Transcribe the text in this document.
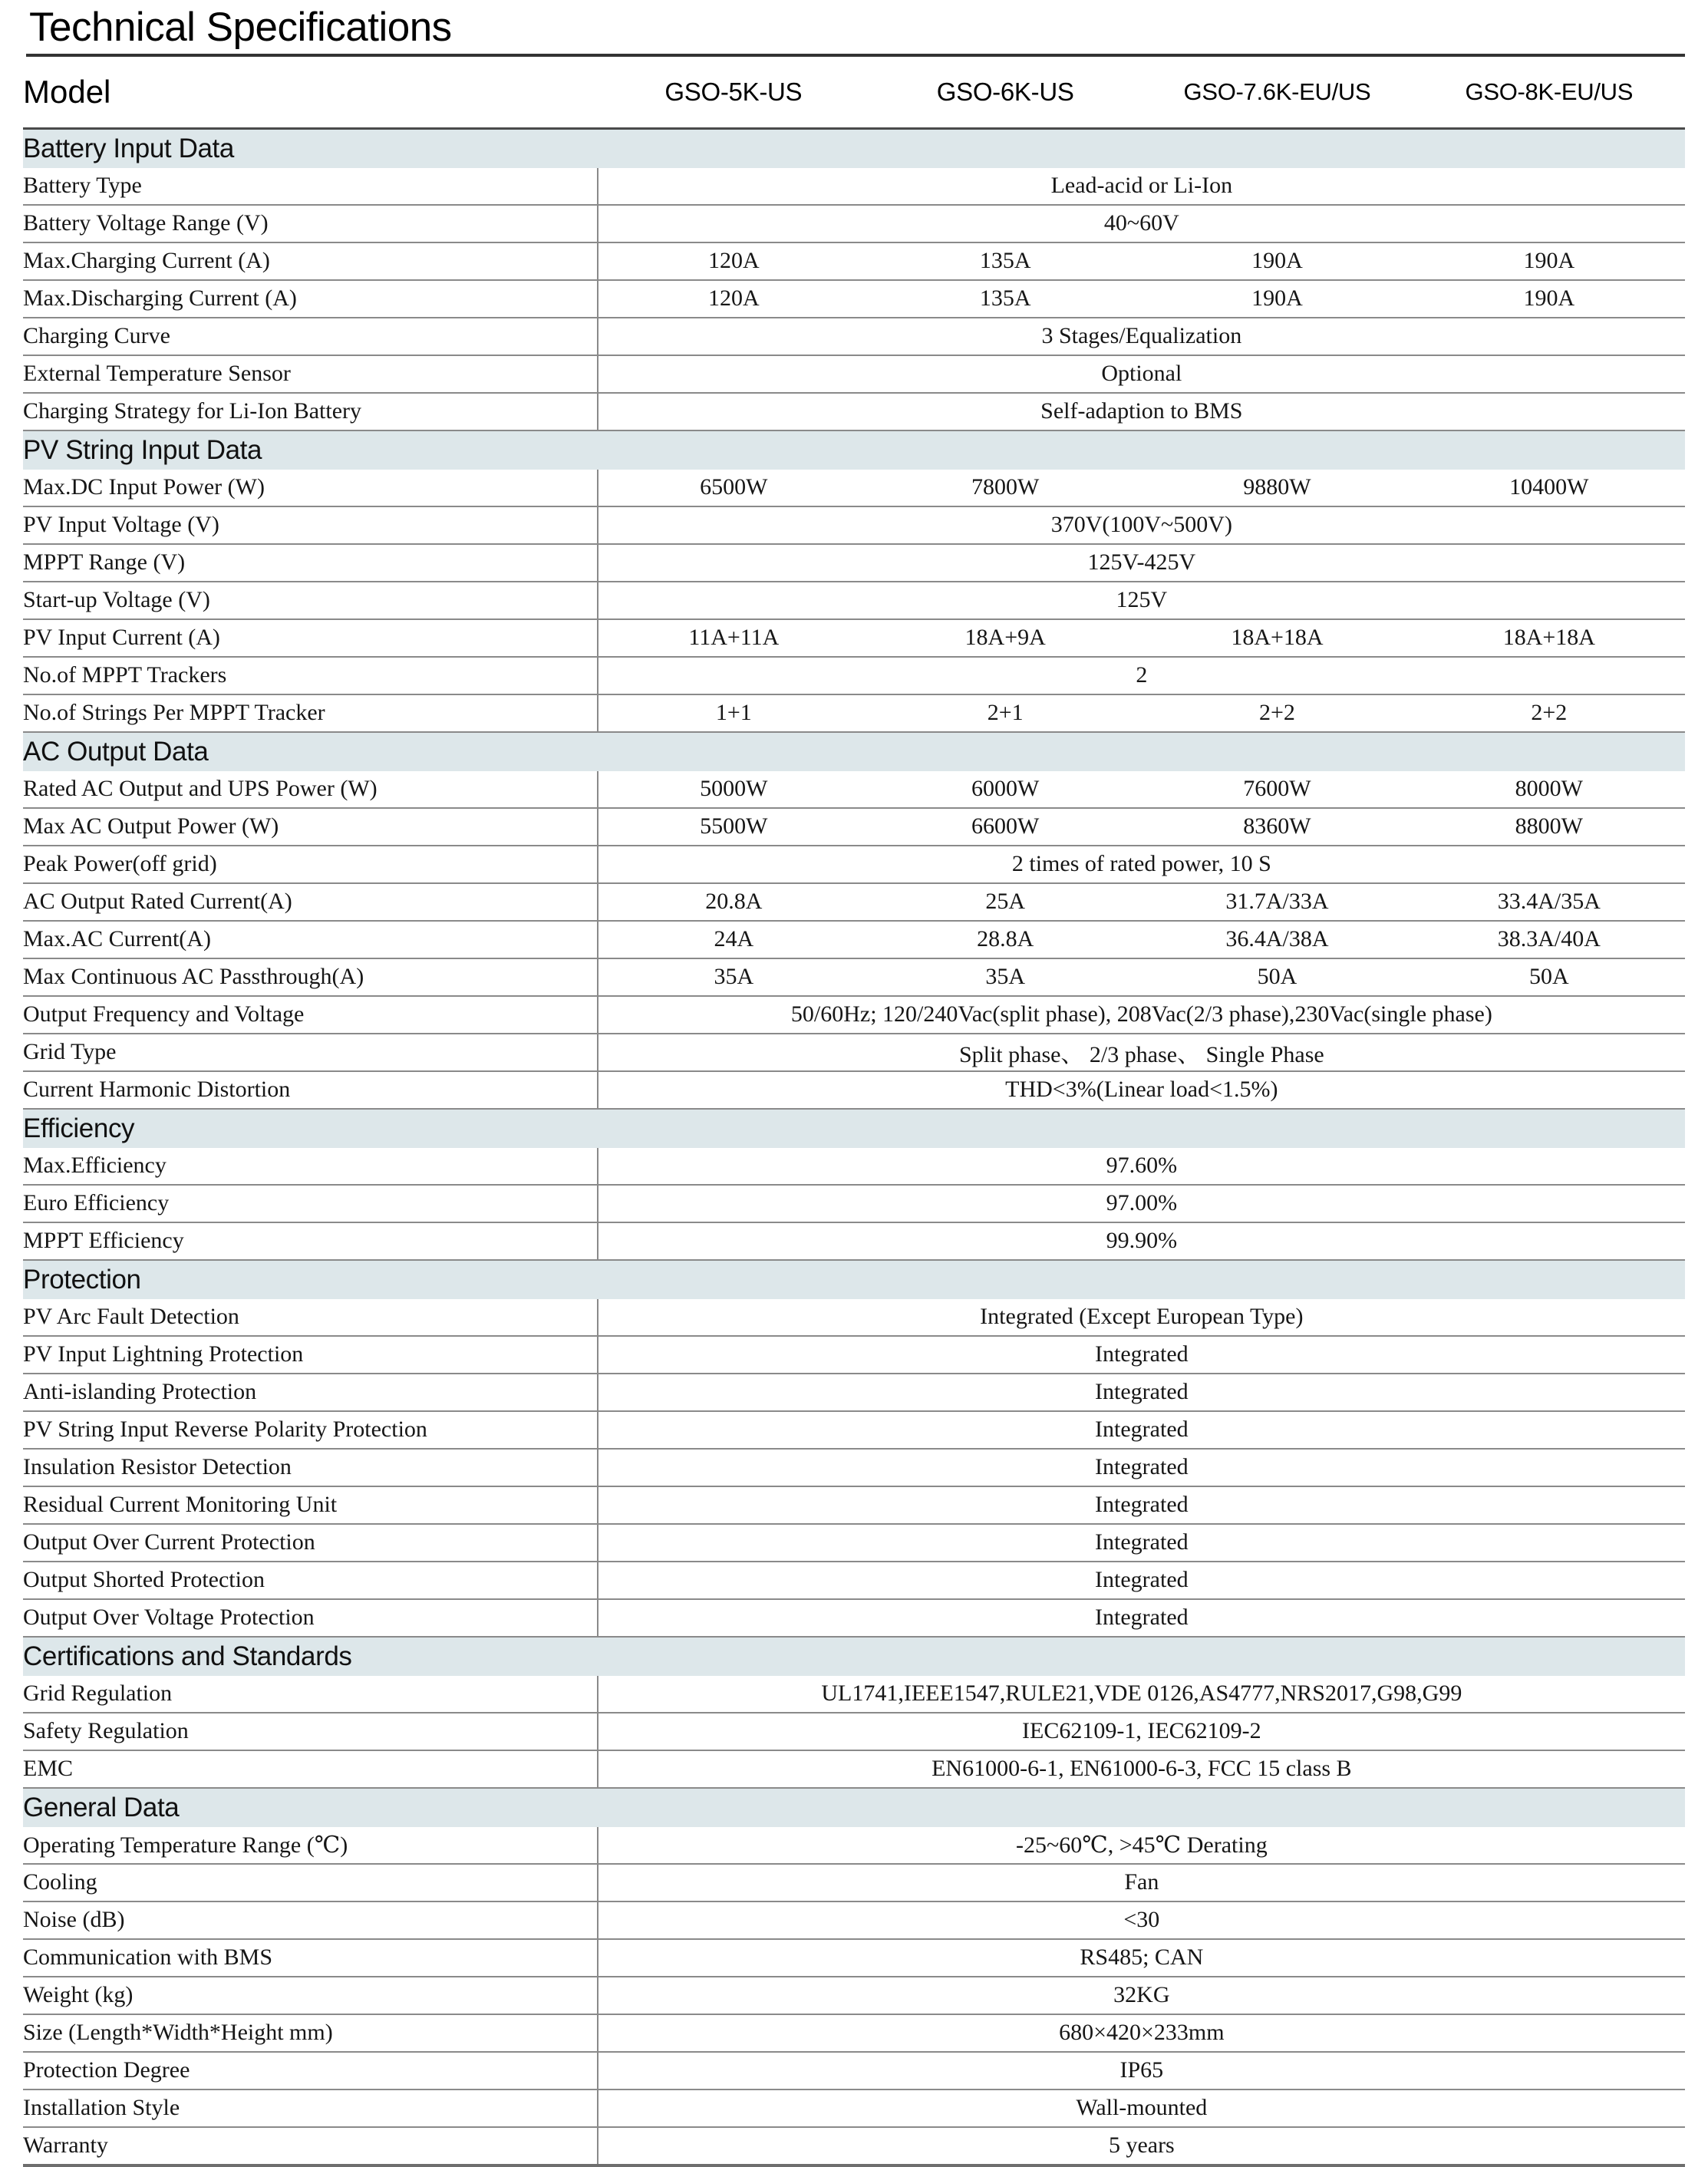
Technical Specifications
Model	GSO-5K-US	GSO-6K-US	GSO-7.6K-EU/US	GSO-8K-EU/US
Battery Input Data				
Battery Type	Lead-acid or Li-Ion			
Battery Voltage Range (V)	40~60V			
Max.Charging Current (A)	120A	135A	190A	190A
Max.Discharging Current (A)	120A	135A	190A	190A
Charging Curve	3 Stages/Equalization			
External Temperature Sensor	Optional			
Charging Strategy for Li-Ion Battery	Self-adaption to BMS			
PV String Input Data				
Max.DC Input Power (W)	6500W	7800W	9880W	10400W
PV Input Voltage (V)	370V(100V~500V)			
MPPT Range (V)	125V-425V			
Start-up Voltage (V)	125V			
PV Input Current (A)	11A+11A	18A+9A	18A+18A	18A+18A
No.of MPPT Trackers	2			
No.of Strings Per MPPT Tracker	1+1	2+1	2+2	2+2
AC Output Data				
Rated AC Output and UPS Power (W)	5000W	6000W	7600W	8000W
Max AC Output Power (W)	5500W	6600W	8360W	8800W
Peak Power(off grid)	2 times of rated power, 10 S			
AC Output Rated Current(A)	20.8A	25A	31.7A/33A	33.4A/35A
Max.AC Current(A)	24A	28.8A	36.4A/38A	38.3A/40A
Max Continuous AC Passthrough(A)	35A	35A	50A	50A
Output Frequency and Voltage	50/60Hz; 120/240Vac(split phase), 208Vac(2/3 phase),230Vac(single phase)			
Grid Type	Split phase、 2/3 phase、 Single Phase			
Current Harmonic Distortion	THD<3%(Linear load<1.5%)			
Efficiency				
Max.Efficiency	97.60%			
Euro Efficiency	97.00%			
MPPT Efficiency	99.90%			
Protection				
PV Arc Fault Detection	Integrated (Except European Type)			
PV Input Lightning Protection	Integrated			
Anti-islanding Protection	Integrated			
PV String Input Reverse Polarity Protection	Integrated			
Insulation Resistor Detection	Integrated			
Residual Current Monitoring Unit	Integrated			
Output Over Current Protection	Integrated			
Output Shorted Protection	Integrated			
Output Over Voltage Protection	Integrated			
Certifications and Standards				
Grid Regulation	UL1741,IEEE1547,RULE21,VDE 0126,AS4777,NRS2017,G98,G99			
Safety Regulation	IEC62109-1, IEC62109-2			
EMC	EN61000-6-1, EN61000-6-3, FCC 15 class B			
General Data				
Operating Temperature Range (℃)	-25~60℃, >45℃ Derating			
Cooling	Fan			
Noise (dB)	<30			
Communication with BMS	RS485; CAN			
Weight (kg)	32KG			
Size (Length*Width*Height mm)	680×420×233mm			
Protection Degree	IP65			
Installation Style	Wall-mounted			
Warranty	5 years			
